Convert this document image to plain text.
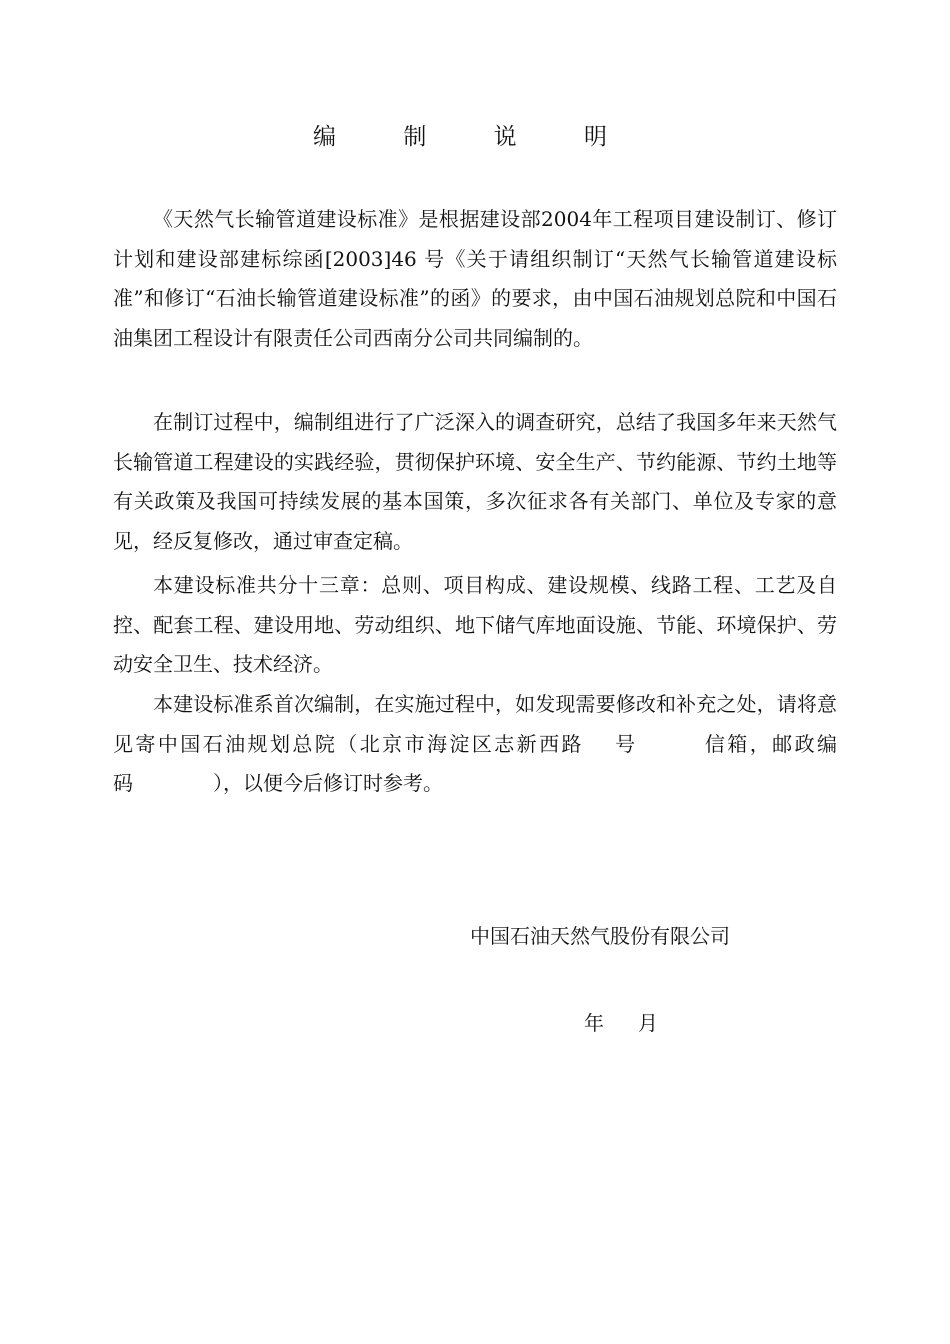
编 制 说 明

《天然气长输管道建设标准》是根据建设部2004年工程项目建设制订、修订计划和建设部建标综函[2003]46 号《关于请组织制订“天然气长输管道建设标准”和修订“石油长输管道建设标准”的函》的要求，由中国石油规划总院和中国石油集团工程设计有限责任公司西南分公司共同编制的。

在制订过程中，编制组进行了广泛深入的调查研究，总结了我国多年来天然气长输管道工程建设的实践经验，贯彻保护环境、安全生产、节约能源、节约土地等有关政策及我国可持续发展的基本国策，多次征求各有关部门、单位及专家的意见，经反复修改，通过审查定稿。

本建设标准共分十三章：总则、项目构成、建设规模、线路工程、工艺及自控、配套工程、建设用地、劳动组织、地下储气库地面设施、节能、环境保护、劳动安全卫生、技术经济。

本建设标准系首次编制，在实施过程中，如发现需要修改和补充之处，请将意见寄中国石油规划总院（北京市海淀区志新西路　 号　　　信箱，邮政编码　　　　），以便今后修订时参考。

中国石油天然气股份有限公司
年 月
